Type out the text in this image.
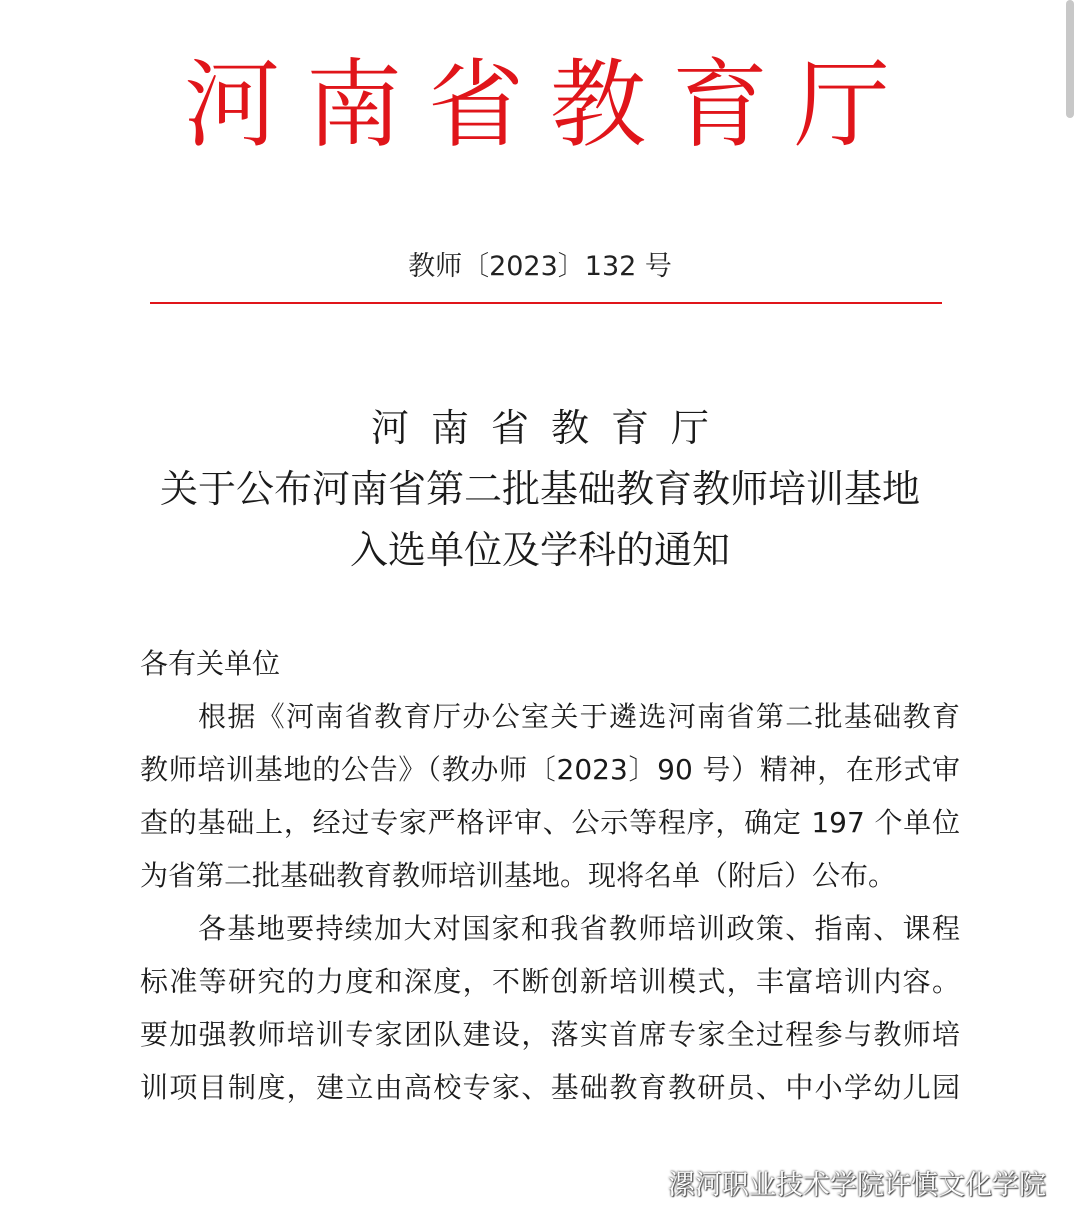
河南省教育厅
教师〔2023〕132 号
河南省教育厅
关于公布河南省第二批基础教育教师培训基地
入选单位及学科的通知
各有关单位
根据《河南省教育厅办公室关于遴选河南省第二批基础教育
教师培训基地的公告》（教办师〔2023〕90 号）精神，在形式审
查的基础上，经过专家严格评审、公示等程序，确定 197 个单位
为省第二批基础教育教师培训基地。现将名单（附后）公布。
各基地要持续加大对国家和我省教师培训政策、指南、课程
标准等研究的力度和深度，不断创新培训模式，丰富培训内容。
要加强教师培训专家团队建设，落实首席专家全过程参与教师培
训项目制度，建立由高校专家、基础教育教研员、中小学幼儿园
漯河职业技术学院许慎文化学院
